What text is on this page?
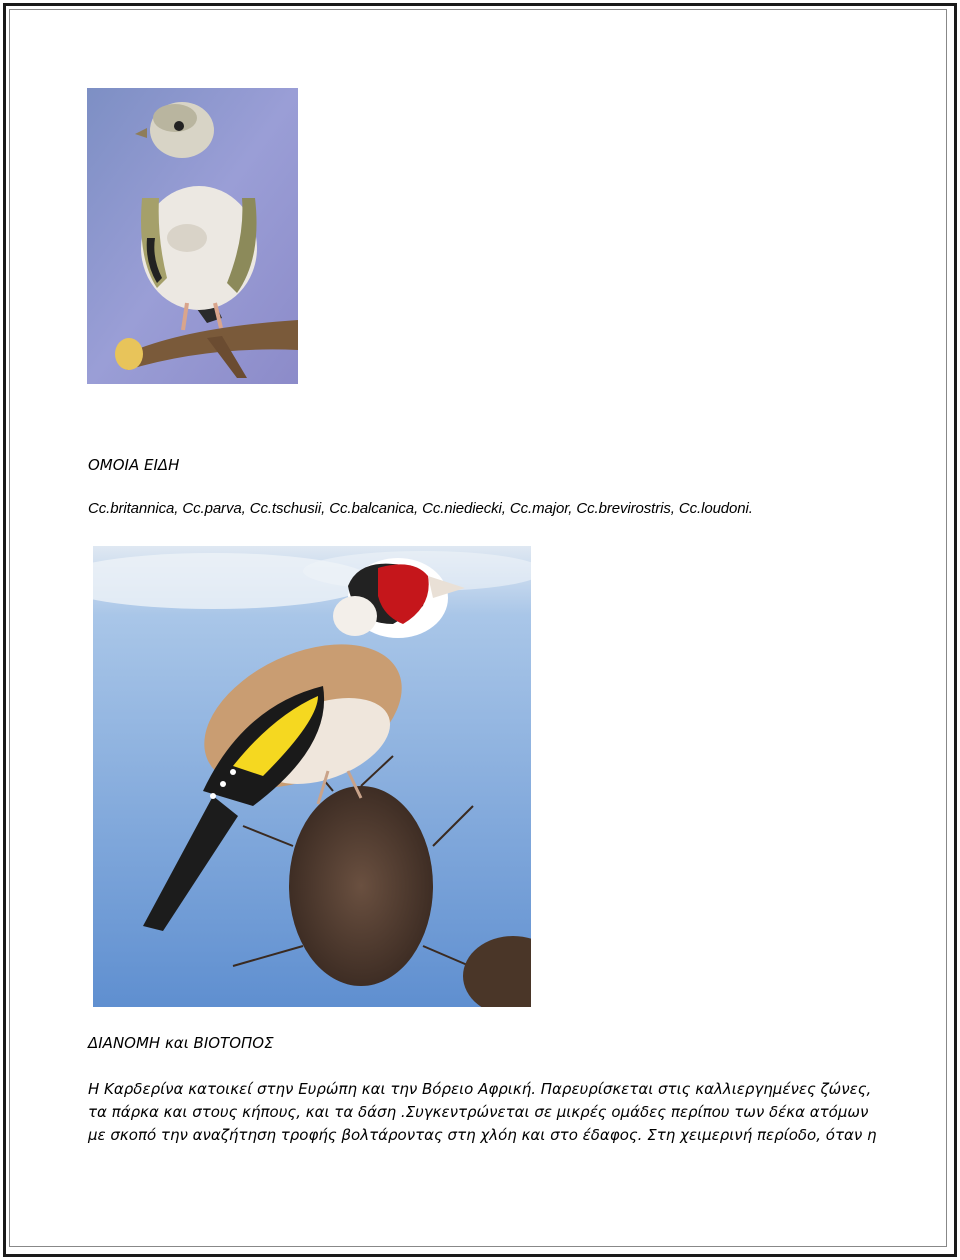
ΟΜΟΙΑ ΕΙΔΗ
Cc.britannica, Cc.parva, Cc.tschusii, Cc.balcanica, Cc.niediecki, Cc.major, Cc.brevirostris, Cc.loudoni.
ΔΙΑΝΟΜΗ και ΒΙΟΤΟΠΟΣ
Η Καρδερίνα κατοικεί στην Ευρώπη και την Βόρειο Αφρική. Παρευρίσκεται στις καλλιεργημένες ζώνες,
τα πάρκα και στους κήπους, και τα δάση .Συγκεντρώνεται σε μικρές ομάδες περίπου των δέκα ατόμων
με σκοπό την αναζήτηση τροφής βολτάροντας στη χλόη και στο έδαφος. Στη χειμερινή περίοδο, όταν η
